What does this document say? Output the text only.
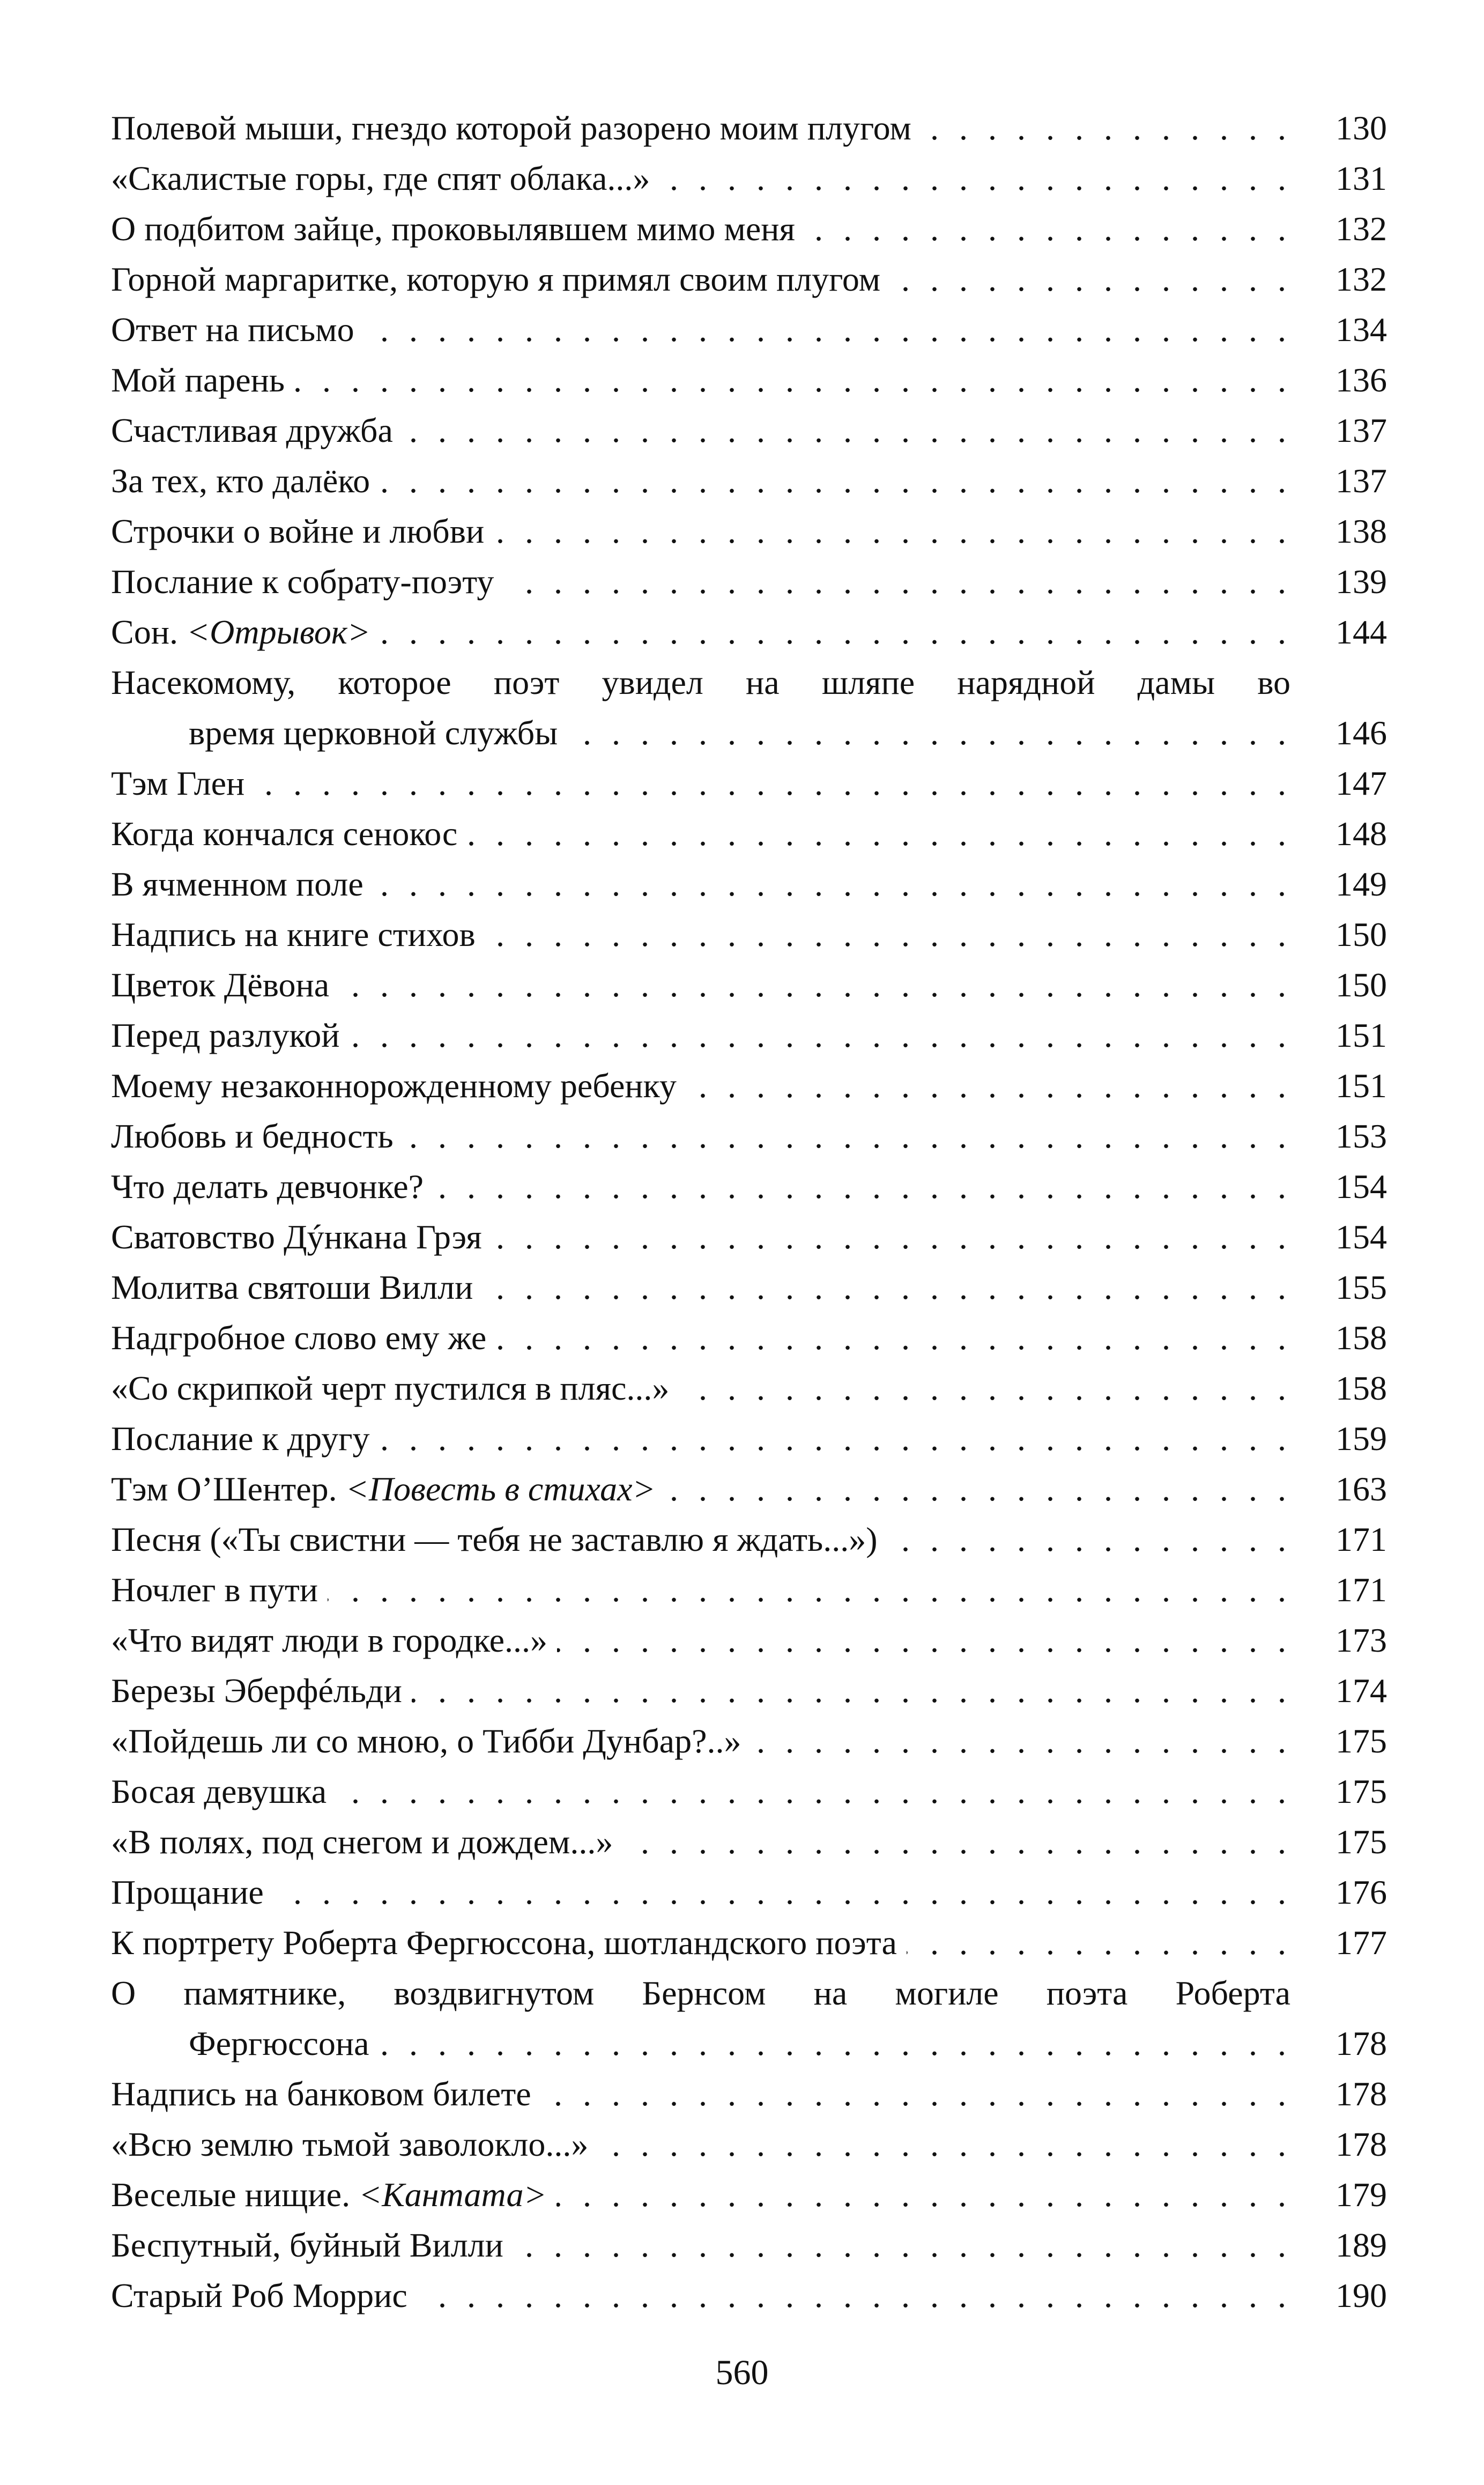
Полевой мыши, гнездо которой разорено моим плугом . . .	130
«Скалистые горы, где спят облака...» . . .	131
О подбитом зайце, проковылявшем мимо меня . . .	132
Горной маргаритке, которую я примял своим плугом . . .	132
Ответ на письмо . . .	134
Мой парень . . .	136
Счастливая дружба . . .	137
За тех, кто далёко . . .	137
Строчки о войне и любви . . .	138
Послание к собрату-поэту . . .	139
Сон. <Отрывок> . . .	144
Насекомому, которое поэт увидел на шляпе нарядной дамы во
время церковной службы . . .	146
Тэм Глен . . .	147
Когда кончался сенокос . . .	148
В ячменном поле . . .	149
Надпись на книге стихов . . .	150
Цветок Дёвона . . .	150
Перед разлукой . . .	151
Моему незаконнорожденному ребенку . . .	151
Любовь и бедность . . .	153
Что делать девчонке? . . .	154
Сватовство Дýнкана Грэя . . .	154
Молитва святоши Вилли . . .	155
Надгробное слово ему же . . .	158
«Со скрипкой черт пустился в пляс...» . . .	158
Послание к другу . . .	159
Тэм О’Шентер. <Повесть в стихах> . . .	163
Песня («Ты свистни — тебя не заставлю я ждать...») . . .	171
Ночлег в пути . . .	171
«Что видят люди в городке...» . . .	173
Березы Эберфéльди . . .	174
«Пойдешь ли со мною, о Тибби Дунбар?..» . . .	175
Босая девушка . . .	175
«В полях, под снегом и дождем...» . . .	175
Прощание . . .	176
К портрету Роберта Фергюссона, шотландского поэта . . .	177
О памятнике, воздвигнутом Бернсом на могиле поэта Роберта
Фергюссона . . .	178
Надпись на банковом билете . . .	178
«Всю землю тьмой заволокло...» . . .	178
Веселые нищие. <Кантата> . . .	179
Беспутный, буйный Вилли . . .	189
Старый Роб Моррис . . .	190
560
